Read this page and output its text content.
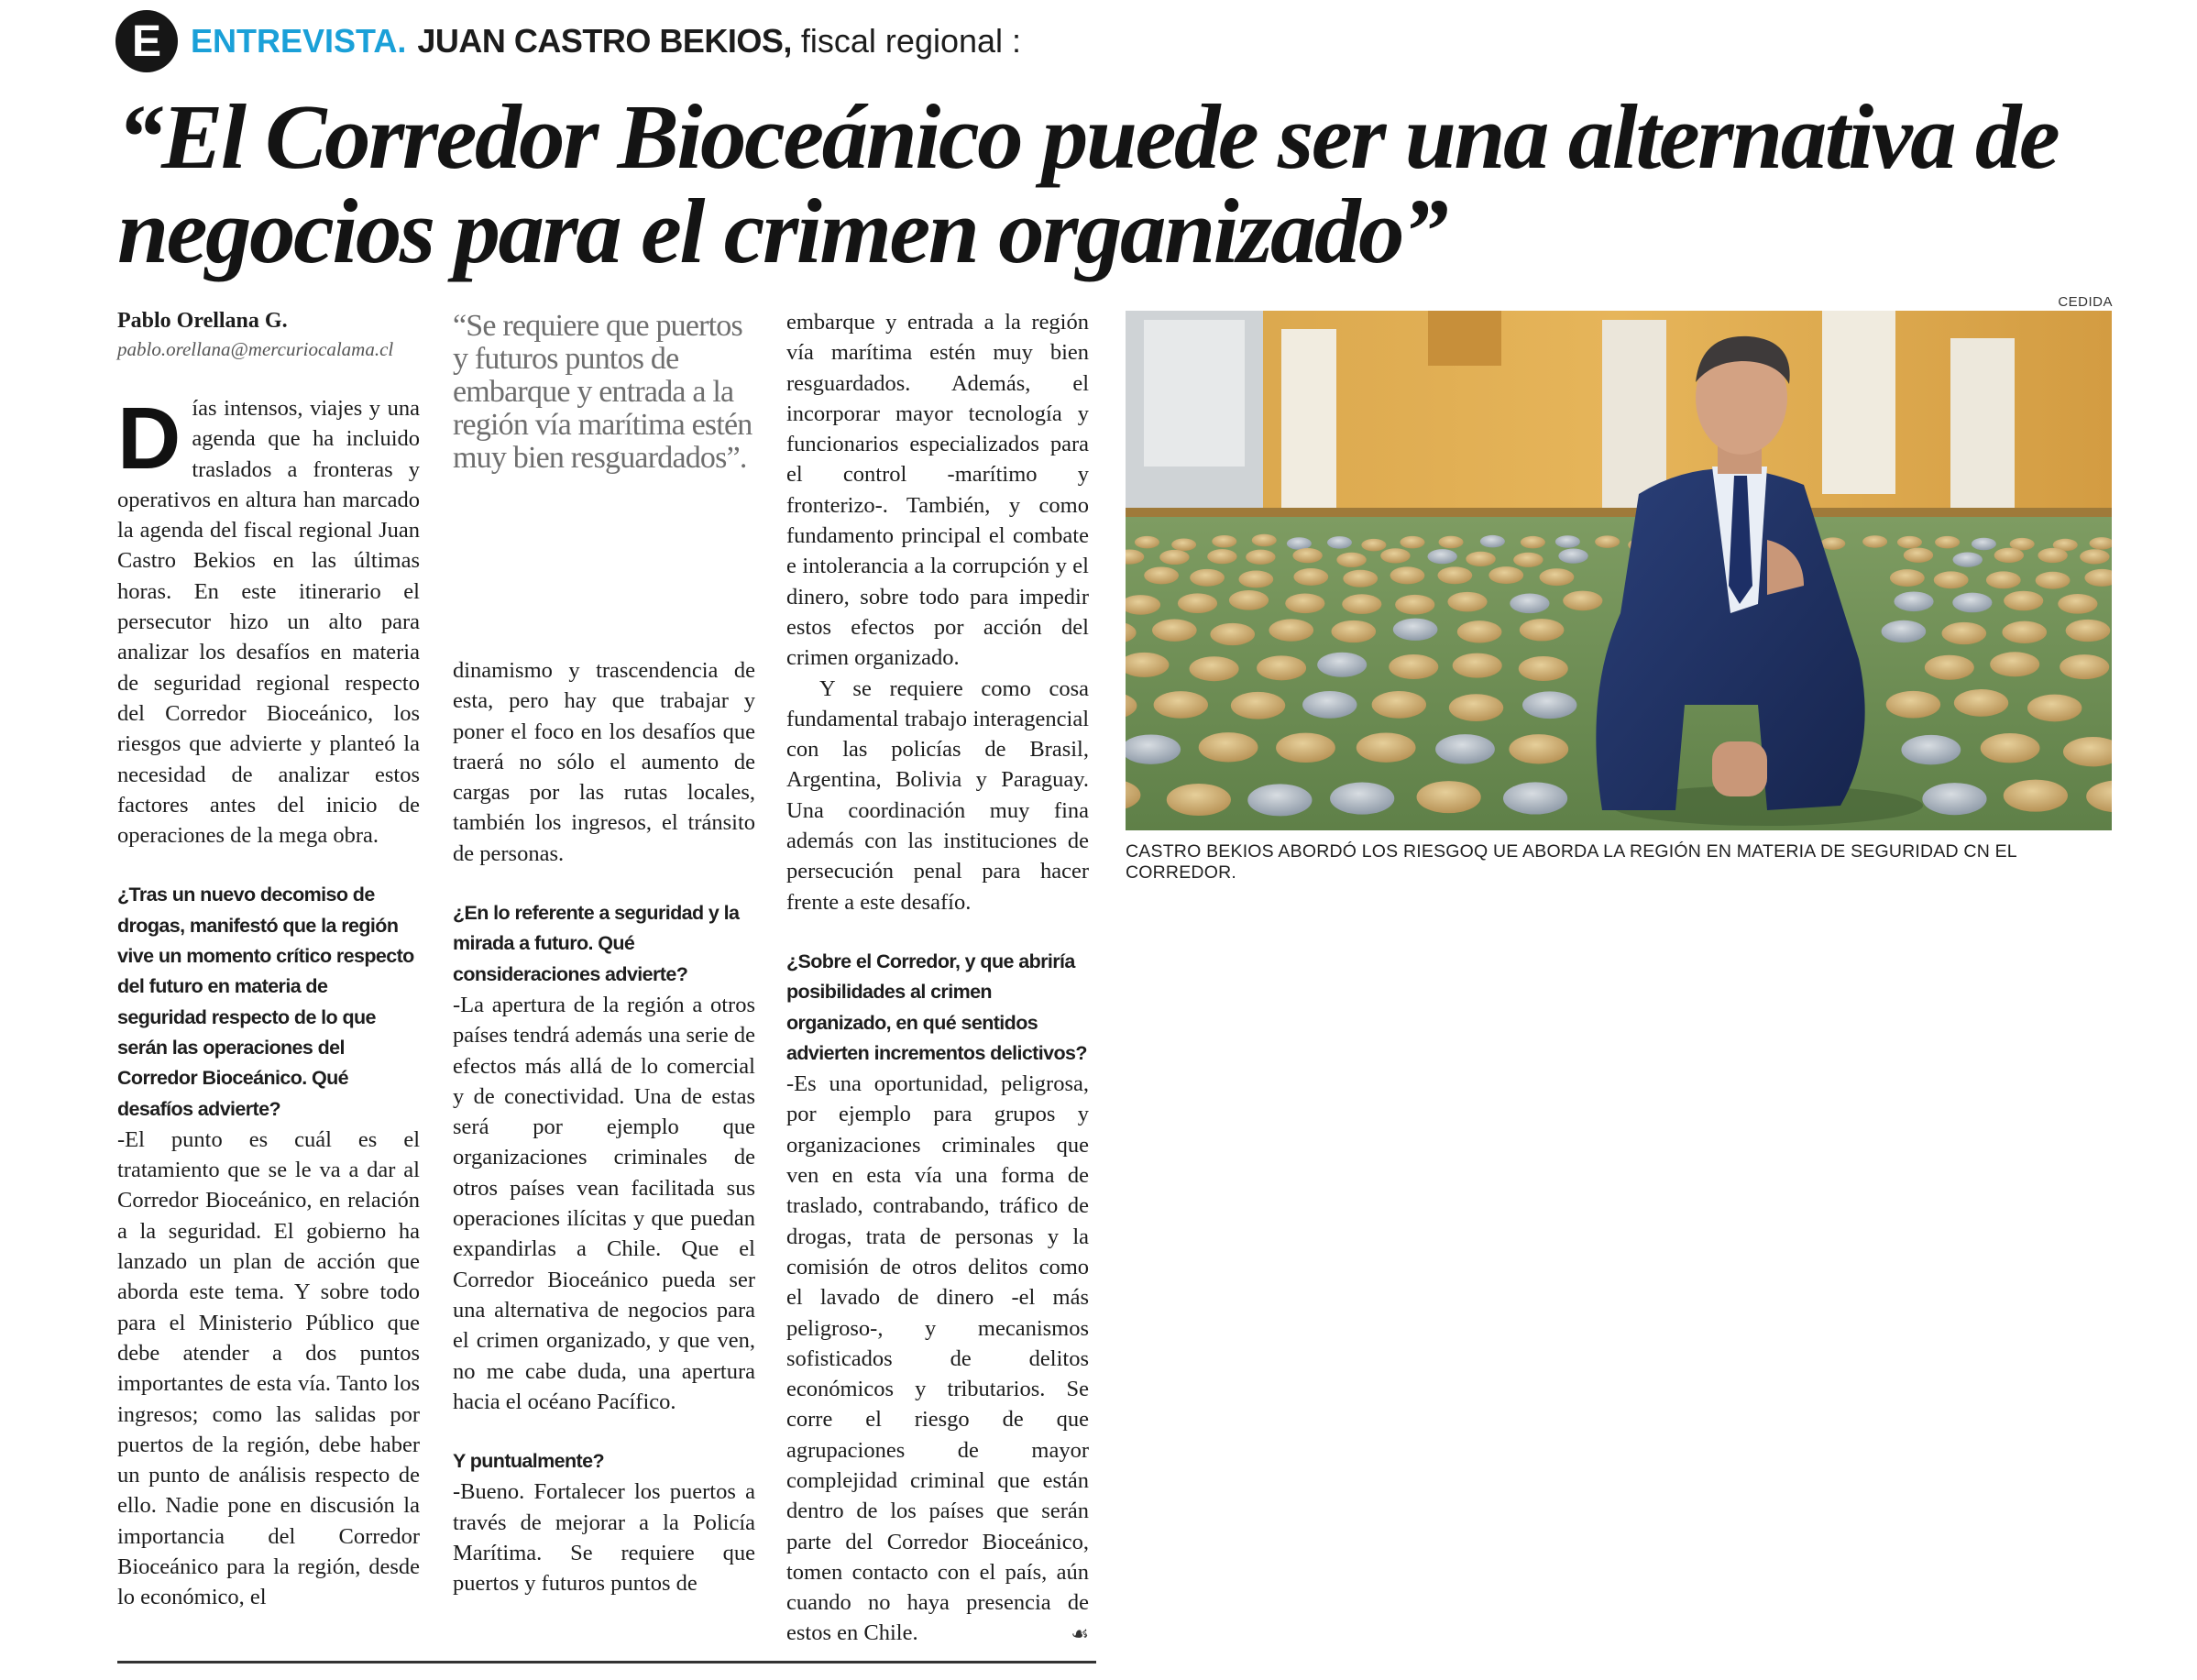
E ENTREVISTA. JUAN CASTRO BEKIOS, fiscal regional :
“El Corredor Bioceánico puede ser una alternativa de negocios para el crimen organizado”
Pablo Orellana G.
pablo.orellana@mercuriocalama.cl

Días intensos, viajes y una agenda que ha incluido traslados a fronteras y operativos en altura han marcado la agenda del fiscal regional Juan Castro Bekios en las últimas horas. En este itinerario el persecutor hizo un alto para analizar los desafíos en materia de seguridad regional respecto del Corredor Bioceánico, los riesgos que advierte y planteó la necesidad de analizar estos factores antes del inicio de operaciones de la mega obra.

¿Tras un nuevo decomiso de drogas, manifestó que la región vive un momento crítico respecto del futuro en materia de seguridad respecto de lo que serán las operaciones del Corredor Bioceánico. Qué desafíos advierte?

-El punto es cuál es el tratamiento que se le va a dar al Corredor Bioceánico, en relación a la seguridad. El gobierno ha lanzado un plan de acción que aborda este tema. Y sobre todo para el Ministerio Público que debe atender a dos puntos importantes de esta vía. Tanto los ingresos; como las salidas por puertos de la región, debe haber un punto de análisis respecto de ello. Nadie pone en discusión la importancia del Corredor Bioceánico para la región, desde lo económico, el

“Se requiere que puertos y futuros puntos de embarque y entrada a la región vía marítima estén muy bien resguardados”.

dinamismo y trascendencia de esta, pero hay que trabajar y poner el foco en los desafíos que traerá no sólo el aumento de cargas por las rutas locales, también los ingresos, el tránsito de personas.

¿En lo referente a seguridad y la mirada a futuro. Qué consideraciones advierte?

-La apertura de la región a otros países tendrá además una serie de efectos más allá de lo comercial y de conectividad. Una de estas será por ejemplo que organizaciones criminales de otros países vean facilitada sus operaciones ilícitas y que puedan expandirlas a Chile. Que el Corredor Bioceánico pueda ser una alternativa de negocios para el crimen organizado, y que ven, no me cabe duda, una apertura hacia el océano Pacífico.

Y puntualmente?

-Bueno. Fortalecer los puertos a través de mejorar a la Policía Marítima. Se requiere que puertos y futuros puntos de

embarque y entrada a la región vía marítima estén muy bien resguardados. Además, el incorporar mayor tecnología y funcionarios especializados para el control -marítimo y fronterizo-. También, y como fundamento principal el combate e intolerancia a la corrupción y el dinero, sobre todo para impedir estos efectos por acción del crimen organizado.

Y se requiere como cosa fundamental trabajo interagencial con las policías de Brasil, Argentina, Bolivia y Paraguay. Una coordinación muy fina además con las instituciones de persecución penal para hacer frente a este desafío.

¿Sobre el Corredor, y que abriría posibilidades al crimen organizado, en qué sentidos advierten incrementos delictivos?

-Es una oportunidad, peligrosa, por ejemplo para grupos y organizaciones criminales que ven en esta vía una forma de traslado, contrabando, tráfico de drogas, trata de personas y la comisión de otros delitos como el lavado de dinero -el más peligroso-, y mecanismos sofisticados de delitos económicos y tributarios. Se corre el riesgo de que agrupaciones de mayor complejidad criminal que están dentro de los países que serán parte del Corredor Bioceánico, tomen contacto con el país, aún cuando no haya presencia de estos en Chile.	☙

CEDIDA
CASTRO BEKIOS ABORDÓ LOS RIESGOQ UE ABORDA LA REGIÓN EN MATERIA DE SEGURIDAD CN EL CORREDOR.
